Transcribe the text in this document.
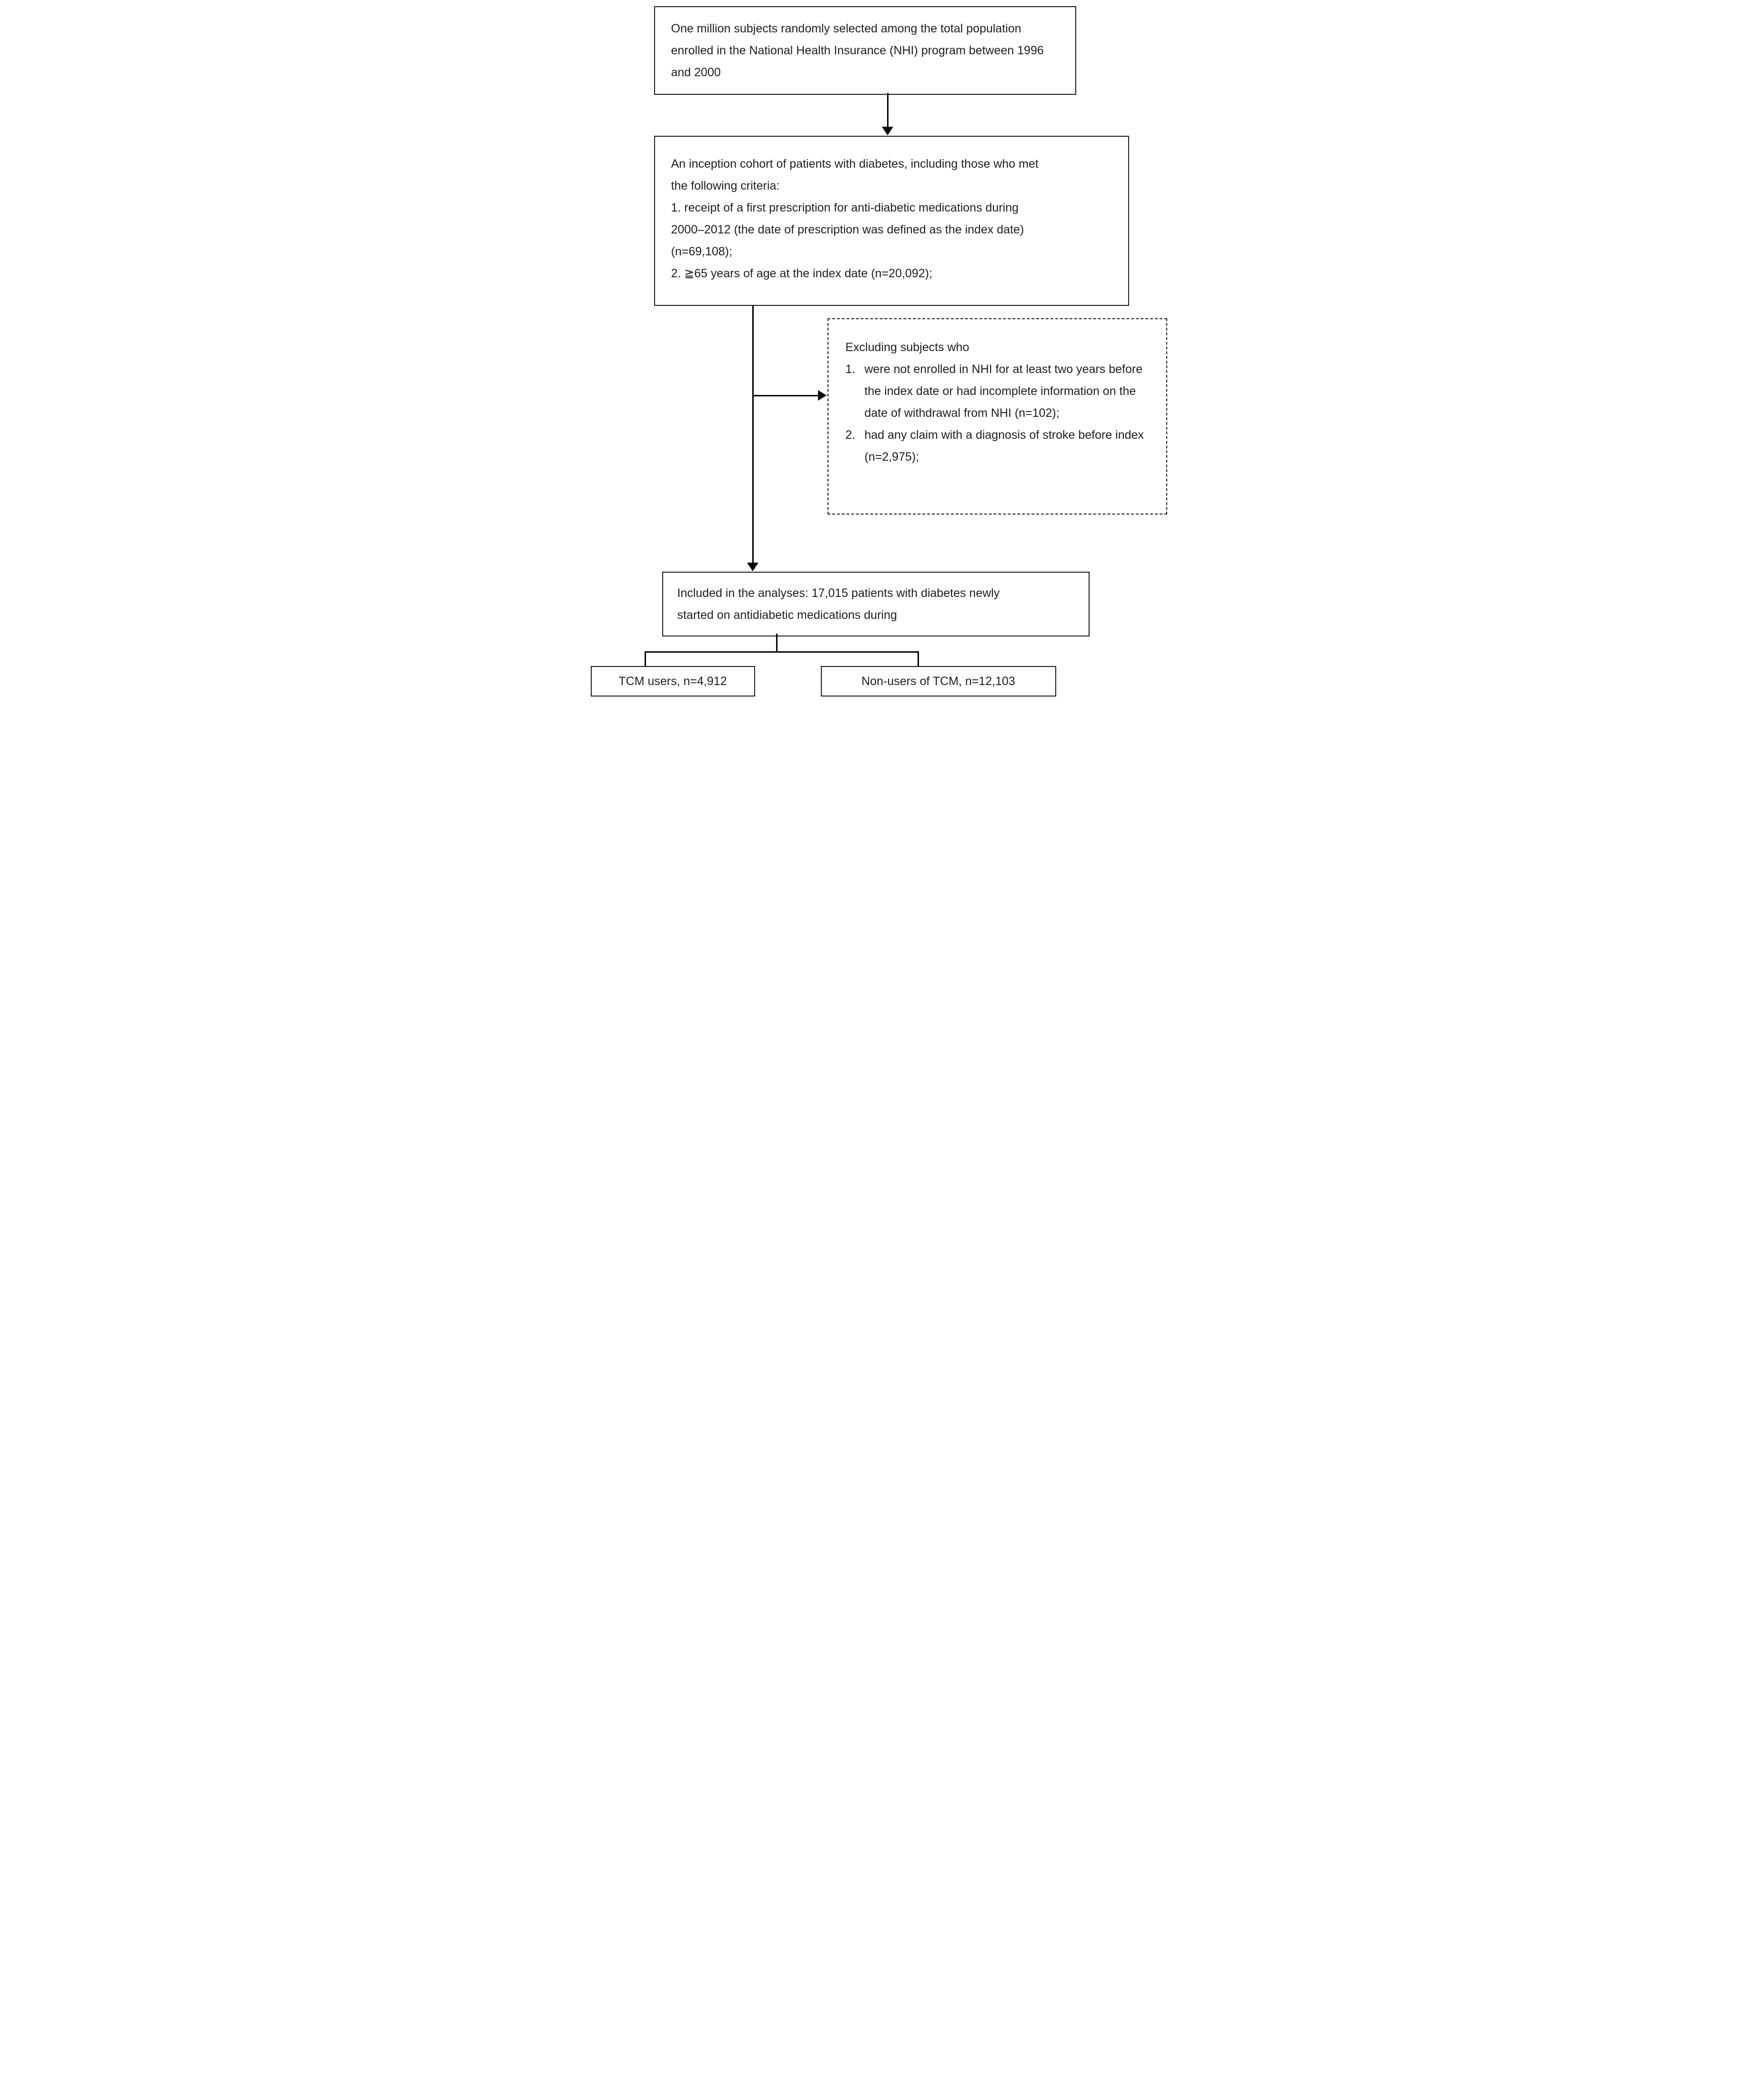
One million subjects randomly selected among the total population enrolled in the National Health Insurance (NHI) program between 1996 and 2000

An inception cohort of patients with diabetes, including those who met the following criteria:

1. receipt of a first prescription for anti-diabetic medications during 2000–2012 (the date of prescription was defined as the index date) (n=69,108);

2. ≧65 years of age at the index date (n=20,092);

Excluding subjects who

1. were not enrolled in NHI for at least two years before the index date or had incomplete information on the date of withdrawal from NHI (n=102);
2. had any claim with a diagnosis of stroke before index (n=2,975);

Included in the analyses: 17,015 patients with diabetes newly started on antidiabetic medications during

TCM users, n=4,912	Non-users of TCM, n=12,103
